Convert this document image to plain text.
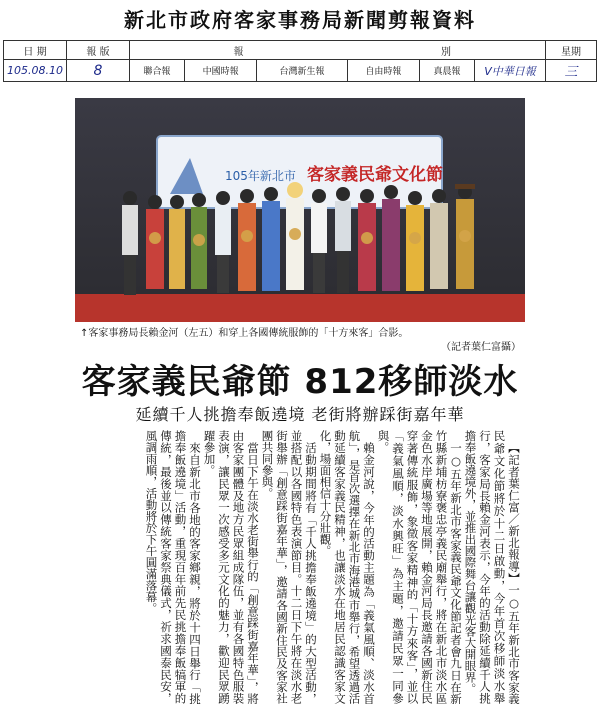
新北市政府客家事務局新聞剪報資料
日 期	報 版	報			別			星期
105.08.10	8	聯合報	中國時報	台灣新生報	自由時報	真晨報	V中華日報	三
105年新北市 客家義民爺文化節
↑客家事務局長賴金河（左五）和穿上各國傳統服飾的「十方來客」合影。
（記者葉仁富攝）
客家義民爺節 812移師淡水
延續千人挑擔奉飯遶境 老街將辦踩街嘉年華

【記者葉仁富／新北報導】一○五年新北市客家義民爺文化節將於十二日啟動，今年首次移師淡水舉行，客家局長賴金河表示，今年的活動除延續千人挑擔奉飯遶境外，並推出國際舞台讓觀光客大開眼界。

一○五年新北市客家義民爺文化節記者會九日在新竹縣新埔枋寮褒忠亭義民廟舉行，將在新北市淡水區金色水岸廣場等地展開，賴金河局長邀請各國新住民穿著傳統服飾，象徵客家精神的「十方來客」，並以「義氣風順，淡水興旺」為主題，邀請民眾一同參與。

賴金河說，今年的活動主題為「義氣風順、淡水首航」，是首次選擇在新北市海港城市舉行，希望透過活動延續客家義民精神，也讓淡水在地居民認識客家文化，場面相信十分壯觀。

活動期間將有「千人挑擔奉飯遶境」的大型活動，並搭配以各國特色表演節目。十二日下午將在淡水老街舉辦「創意踩街嘉年華」，邀請各國新住民及客家社團共同參與。

當日下午在淡水老街舉行的「創意踩街嘉年華」，將由客家團體及地方民眾組成隊伍，並有各國特色服裝表演，讓民眾一次感受多元文化的魅力，歡迎民眾踴躍參加。

來自新北市各地的客家鄉親，將於十四日舉行「挑擔奉飯遶境」活動，重現百年前先民挑擔奉飯犒軍的傳統，最後並以傳統客家祭典儀式，祈求國泰民安，風調雨順，活動將於下午圓滿落幕。
